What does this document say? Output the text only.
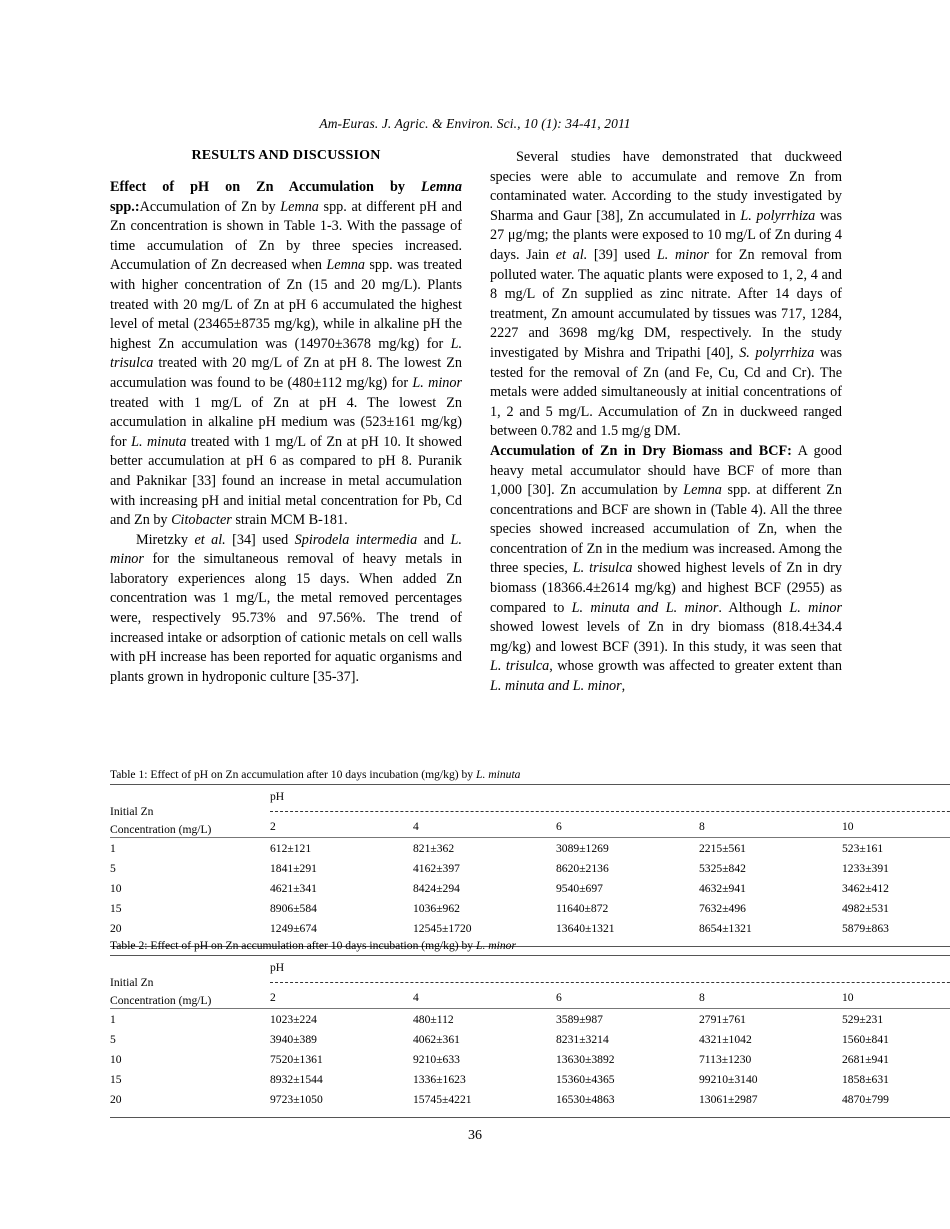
Am-Euras. J. Agric. & Environ. Sci., 10 (1): 34-41, 2011
RESULTS AND DISCUSSION

Effect of pH on Zn Accumulation by Lemna spp.:Accumulation of Zn by Lemna spp. at different pH and Zn concentration is shown in Table 1-3. With the passage of time accumulation of Zn by three species increased. Accumulation of Zn decreased when Lemna spp. was treated with higher concentration of Zn (15 and 20 mg/L). Plants treated with 20 mg/L of Zn at pH 6 accumulated the highest level of metal (23465±8735 mg/kg), while in alkaline pH the highest Zn accumulation was (14970±3678 mg/kg) for L. trisulca treated with 20 mg/L of Zn at pH 8. The lowest Zn accumulation was found to be (480±112 mg/kg) for L. minor treated with 1 mg/L of Zn at pH 4. The lowest Zn accumulation in alkaline pH medium was (523±161 mg/kg) for L. minuta treated with 1 mg/L of Zn at pH 10. It showed better accumulation at pH 6 as compared to pH 8. Puranik and Paknikar [33] found an increase in metal accumulation with increasing pH and initial metal concentration for Pb, Cd and Zn by Citobacter strain MCM B-181.

Miretzky et al. [34] used Spirodela intermedia and L. minor for the simultaneous removal of heavy metals in laboratory experiences along 15 days. When added Zn concentration was 1 mg/L, the metal removed percentages were, respectively 95.73% and 97.56%. The trend of increased intake or adsorption of cationic metals on cell walls with pH increase has been reported for aquatic organisms and plants grown in hydroponic culture [35-37].

Several studies have demonstrated that duckweed species were able to accumulate and remove Zn from contaminated water. According to the study investigated by Sharma and Gaur [38], Zn accumulated in L. polyrrhiza was 27 μg/mg; the plants were exposed to 10 mg/L of Zn during 4 days. Jain et al. [39] used L. minor for Zn removal from polluted water. The aquatic plants were exposed to 1, 2, 4 and 8 mg/L of Zn supplied as zinc nitrate. After 14 days of treatment, Zn amount accumulated by tissues was 717, 1284, 2227 and 3698 mg/kg DM, respectively. In the study investigated by Mishra and Tripathi [40], S. polyrrhiza was tested for the removal of Zn (and Fe, Cu, Cd and Cr). The metals were added simultaneously at initial concentrations of 1, 2 and 5 mg/L. Accumulation of Zn in duckweed ranged between 0.782 and 1.5 mg/g DM.

Accumulation of Zn in Dry Biomass and BCF: A good heavy metal accumulator should have BCF of more than 1,000 [30]. Zn accumulation by Lemna spp. at different Zn concentrations and BCF are shown in (Table 4). All the three species showed increased accumulation of Zn, when the concentration of Zn in the medium was increased. Among the three species, L. trisulca showed highest levels of Zn in dry biomass (18366.4±2614 mg/kg) and highest BCF (2955) as compared to L. minuta and L. minor. Although L. minor showed lowest levels of Zn in dry biomass (818.4±34.4 mg/kg) and lowest BCF (391). In this study, it was seen that L. trisulca, whose growth was affected to greater extent than L. minuta and L. minor,

Table 1: Effect of pH on Zn accumulation after 10 days incubation (mg/kg) by L. minuta

	pH				
Initial Zn					

Concentration (mg/L)	2	4	6	8	10

1	612±121	821±362	3089±1269	2215±561	523±161
5	1841±291	4162±397	8620±2136	5325±842	1233±391
10	4621±341	8424±294	9540±697	4632±941	3462±412
15	8906±584	1036±962	11640±872	7632±496	4982±531
20	1249±674	12545±1720	13640±1321	8654±1321	5879±863

Table 2: Effect of pH on Zn accumulation after 10 days incubation (mg/kg) by L. minor

	pH				
Initial Zn					

Concentration (mg/L)	2	4	6	8	10

1	1023±224	480±112	3589±987	2791±761	529±231
5	3940±389	4062±361	8231±3214	4321±1042	1560±841
10	7520±1361	9210±633	13630±3892	7113±1230	2681±941
15	8932±1544	1336±1623	15360±4365	99210±3140	1858±631
20	9723±1050	15745±4221	16530±4863	13061±2987	4870±799

36
